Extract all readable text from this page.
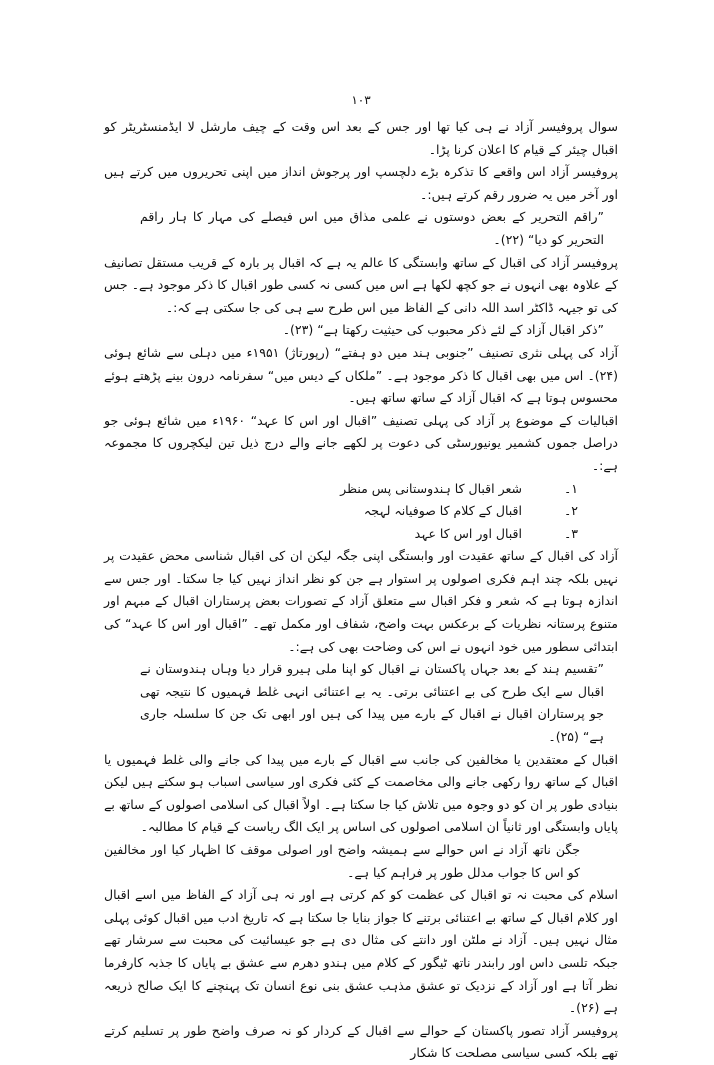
۱۰۳

سوال پروفیسر آزاد نے ہی کیا تھا اور جس کے بعد اس وقت کے چیف مارشل لا ایڈمنسٹریٹر کو اقبال چیئر کے قیام کا اعلان کرنا پڑا۔

پروفیسر آزاد اس واقعے کا تذکرہ بڑے دلچسپ اور پرجوش انداز میں اپنی تحریروں میں کرتے ہیں اور آخر میں یہ ضرور رقم کرتے ہیں:۔

”راقم التحریر کے بعض دوستوں نے علمی مذاق میں اس فیصلے کی مہار کا ہار راقم التحریر کو دیا“ (۲۲)۔

پروفیسر آزاد کی اقبال کے ساتھ وابستگی کا عالم یہ ہے کہ اقبال پر بارہ کے قریب مستقل تصانیف کے علاوہ بھی انہوں نے جو کچھ لکھا ہے اس میں کسی نہ کسی طور اقبال کا ذکر موجود ہے۔ جس کی تو جیہہ ڈاکٹر اسد اللہ دانی کے الفاظ میں اس طرح سے ہی کی جا سکتی ہے کہ:۔

”ذکر اقبال آزاد کے لئے ذکر محبوب کی حیثیت رکھتا ہے“ (۲۳)۔

آزاد کی پہلی نثری تصنیف ”جنوبی ہند میں دو ہفتے“ (رپورتاژ) ۱۹۵۱ء میں دہلی سے شائع ہوئی (۲۴)۔ اس میں بھی اقبال کا ذکر موجود ہے۔ ”ملکاں کے دیس میں“ سفرنامہ درون بینے پڑھتے ہوئے محسوس ہوتا ہے کہ اقبال آزاد کے ساتھ ساتھ ہیں۔

اقبالیات کے موضوع پر آزاد کی پہلی تصنیف ”اقبال اور اس کا عہد“ ۱۹۶۰ء میں شائع ہوئی جو دراصل جموں کشمیر یونیورسٹی کی دعوت پر لکھے جانے والے درج ذیل تین لیکچروں کا مجموعہ ہے:۔

۱۔
شعر اقبال کا ہندوستانی پس منظر
۲۔
اقبال کے کلام کا صوفیانہ لہجہ
۳۔
اقبال اور اس کا عہد

آزاد کی اقبال کے ساتھ عقیدت اور وابستگی اپنی جگہ لیکن ان کی اقبال شناسی محض عقیدت پر نہیں بلکہ چند اہم فکری اصولوں پر استوار ہے جن کو نظر انداز نہیں کیا جا سکتا۔ اور جس سے اندازہ ہوتا ہے کہ شعر و فکر اقبال سے متعلق آزاد کے تصورات بعض پرستاران اقبال کے مبہم اور متنوع پرستانہ نظریات کے برعکس بہت واضح، شفاف اور مکمل تھے۔ ”اقبال اور اس کا عہد“ کی ابتدائی سطور میں خود انہوں نے اس کی وضاحت بھی کی ہے:۔

”تقسیم ہند کے بعد جہاں پاکستان نے اقبال کو اپنا ملی ہیرو قرار دیا وہاں ہندوستان نے اقبال سے ایک طرح کی بے اعتنائی برتی۔ یہ بے اعتنائی انہی غلط فہمیوں کا نتیجہ تھی جو پرستاران اقبال نے اقبال کے بارے میں پیدا کی ہیں اور ابھی تک جن کا سلسلہ جاری ہے“ (۲۵)۔

اقبال کے معتقدین یا مخالفین کی جانب سے اقبال کے بارے میں پیدا کی جانے والی غلط فہمیوں یا اقبال کے ساتھ روا رکھی جانے والی مخاصمت کے کئی فکری اور سیاسی اسباب ہو سکتے ہیں لیکن بنیادی طور پر ان کو دو وجوہ میں تلاش کیا جا سکتا ہے۔ اولاً اقبال کی اسلامی اصولوں کے ساتھ بے پایاں وابستگی اور ثانیاً ان اسلامی اصولوں کی اساس پر ایک الگ ریاست کے قیام کا مطالبہ۔

جگن ناتھ آزاد نے اس حوالے سے ہمیشہ واضح اور اصولی موقف کا اظہار کیا اور مخالفین کو اس کا جواب مدلل طور پر فراہم کیا ہے۔

اسلام کی محبت نہ تو اقبال کی عظمت کو کم کرتی ہے اور نہ ہی آزاد کے الفاظ میں اسے اقبال اور کلام اقبال کے ساتھ بے اعتنائی برتنے کا جواز بنایا جا سکتا ہے کہ تاریخ ادب میں اقبال کوئی پہلی مثال نہیں ہیں۔ آزاد نے ملٹن اور دانتے کی مثال دی ہے جو عیسائیت کی محبت سے سرشار تھے جبکہ تلسی داس اور رابندر ناتھ ٹیگور کے کلام میں ہندو دھرم سے عشق بے پایاں کا جذبہ کارفرما نظر آتا ہے اور آزاد کے نزدیک تو عشق مذہب عشق بنی نوع انسان تک پہنچنے کا ایک صالح ذریعہ ہے (۲۶)۔

پروفیسر آزاد تصور پاکستان کے حوالے سے اقبال کے کردار کو نہ صرف واضح طور پر تسلیم کرتے تھے بلکہ کسی سیاسی مصلحت کا شکار
